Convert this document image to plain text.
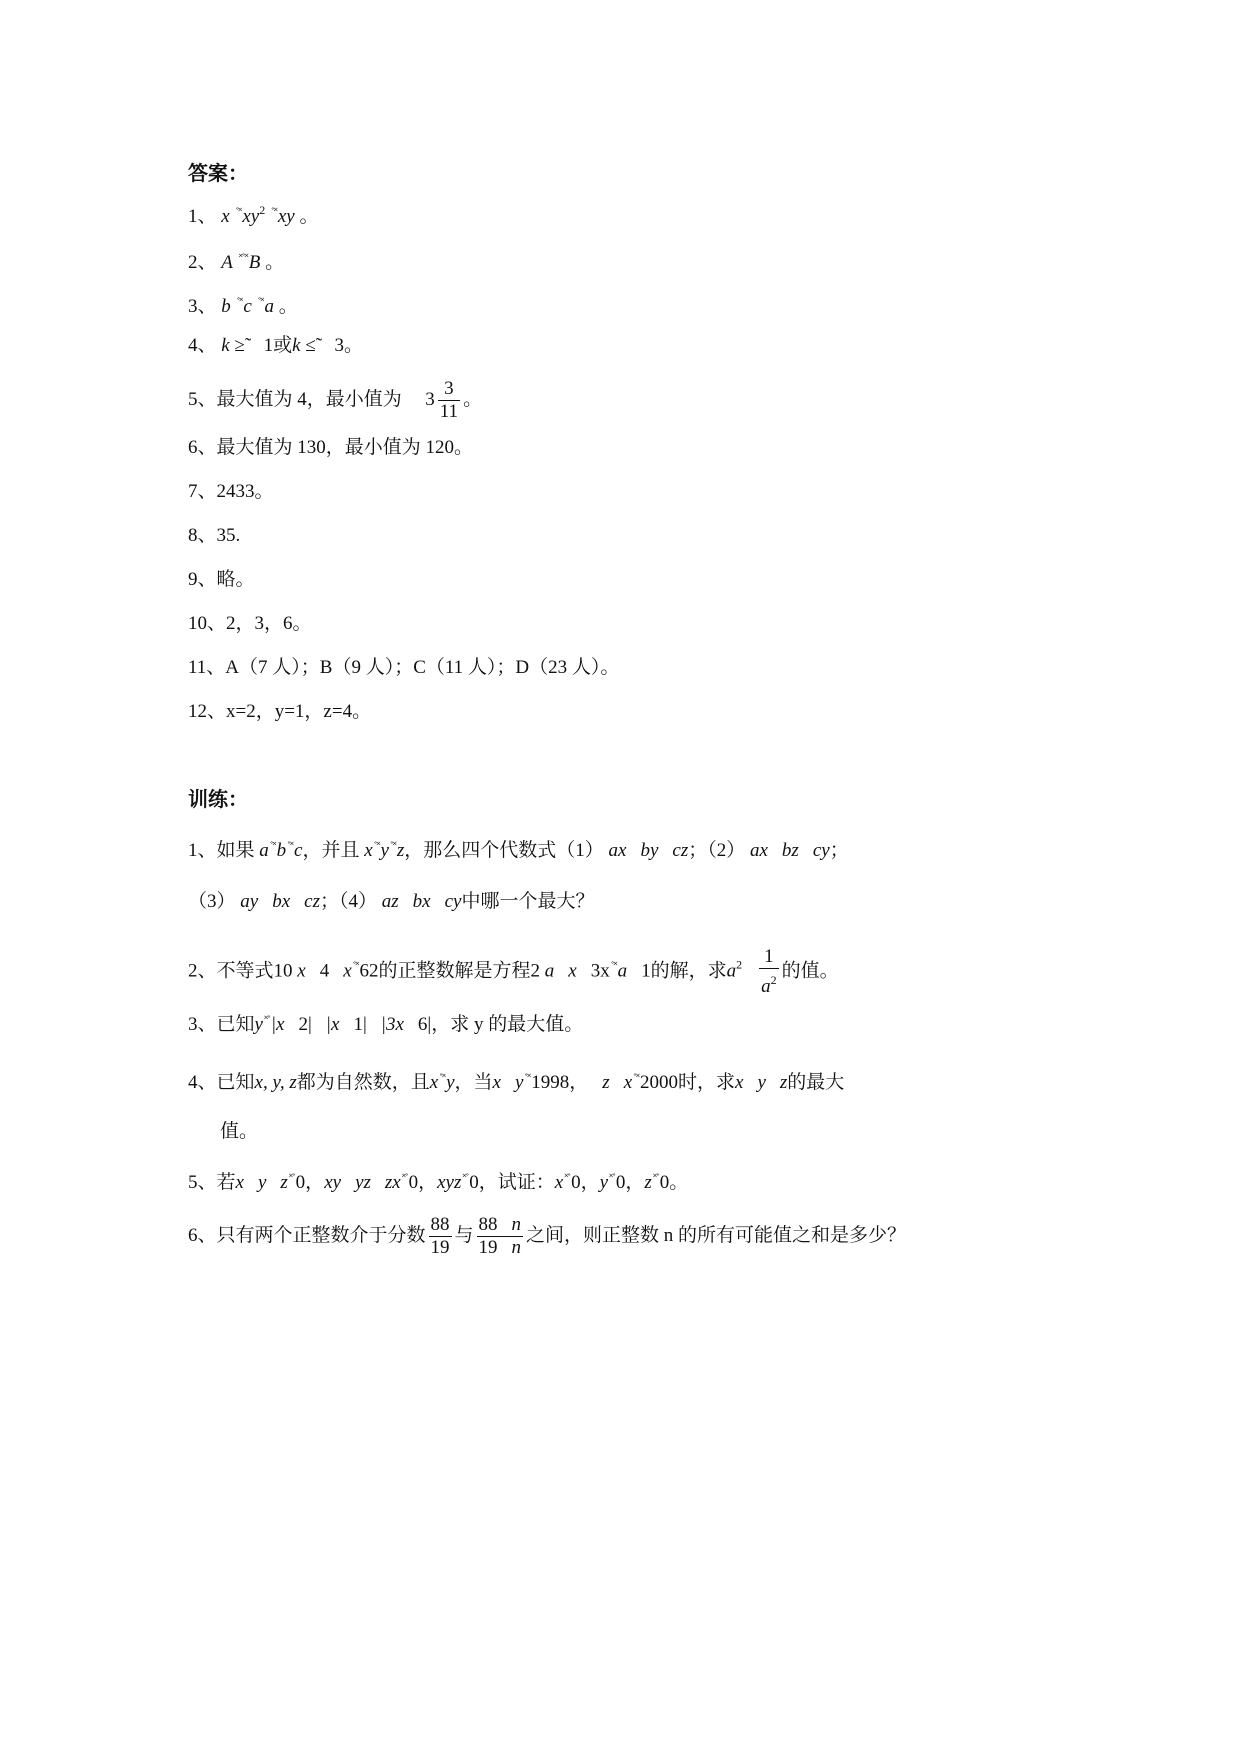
答案：
1、 x $^{˚˟}xy^2$ ˚˟xy 。
2、 A ˟˚˟B 。
3、 b ˚˟c ˚˟a 。
4、 k ≥̃ 1或k ≤̃ 3。
5、最大值为 4，最小值为 $3 \frac{3}{11}$ 。
6、最大值为 130，最小值为 120。
7、2433。
8、35.
9、略。
10、2，3，6。
11、A（7 人）；B（9 人）；C（11 人）；D（23 人）。
12、x=2，y=1，z=4。
训练：
1、如果 a˚˟b˚˟c，并且 x˚˟y˚˟z，那么四个代数式（1） ax by cz；（2） ax bz cy；
（3） ay bx cz；（4） az bx cy中哪一个最大？
2、不等式10 x 4 x˚˟62的正整数解是方程2 a x 3x˚˟a 1的解，求$a^2 \frac{1}{a^2}$ 的值。
3、已知y˟˚|x 2| |x 1| |3x 6|，求 y 的最大值。
4、已知x, y, z都为自然数，且x˚˟y，当x y˚˟1998， z x˚˟2000时，求x y z的最大
值。
5、若x y z˟˚0，xy yz zx˟˚0，xyz˟˚0，试证：x˟˚0，y˟˚0，z˟˚0。
6、只有两个正整数介于分数 $\frac{88}{19}$ 与 $\frac{88 n}{19 n}$ 之间，则正整数 n 的所有可能值之和是多少？
